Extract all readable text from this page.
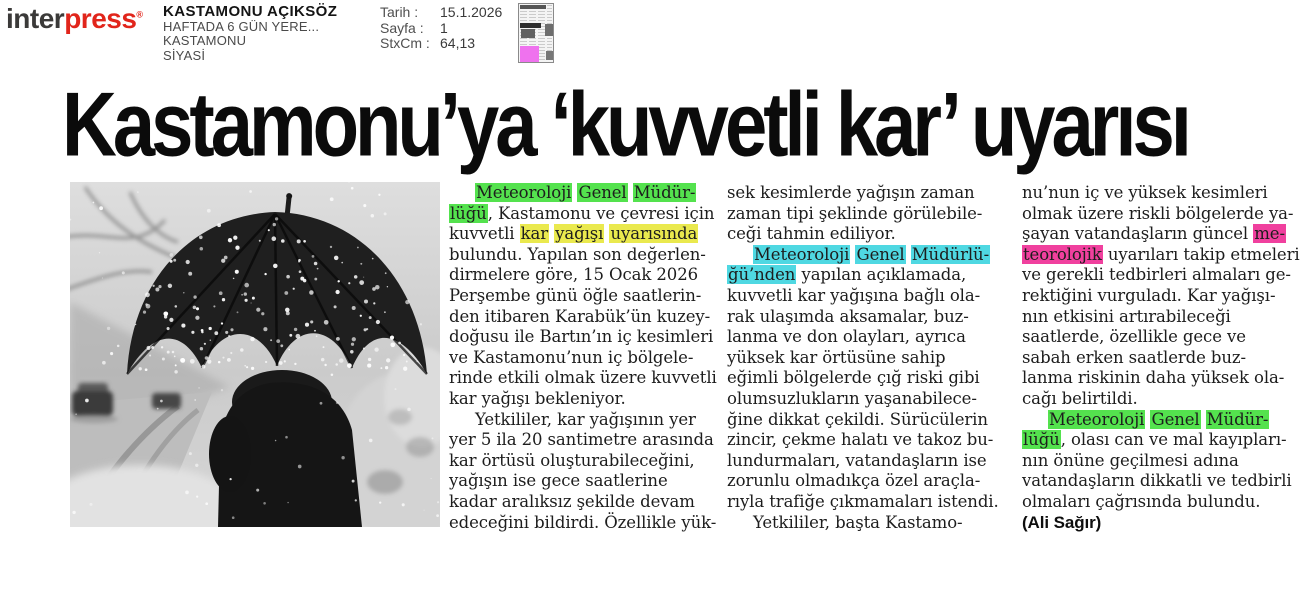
interpress® KASTAMONU AÇIKSÖZ
HAFTADA 6 GÜN YERE...
KASTAMONU
SİYASİ
Tarih :	15.1.2026
Sayfa :	1
StxCm : 64,13
Kastamonu’ya ‘kuvvetli kar’ uyarısı
Meteoroloji Genel Müdür-
lüğü, Kastamonu ve çevresi için
kuvvetli kar yağışı uyarısında
bulundu. Yapılan son değerlen-
dirmelere göre, 15 Ocak 2026
Perşembe günü öğle saatlerin-
den itibaren Karabük’ün kuzey-
doğusu ile Bartın’ın iç kesimleri
ve Kastamonu’nun iç bölgele-
rinde etkili olmak üzere kuvvetli
kar yağışı bekleniyor.
Yetkililer, kar yağışının yer
yer 5 ila 20 santimetre arasında
kar örtüsü oluşturabileceğini,
yağışın ise gece saatlerine
kadar aralıksız şekilde devam
edeceğini bildirdi. Özellikle yük-
sek kesimlerde yağışın zaman
zaman tipi şeklinde görülebile-
ceği tahmin ediliyor.
Meteoroloji Genel Müdürlü-
ğü’nden yapılan açıklamada,
kuvvetli kar yağışına bağlı ola-
rak ulaşımda aksamalar, buz-
lanma ve don olayları, ayrıca
yüksek kar örtüsüne sahip
eğimli bölgelerde çığ riski gibi
olumsuzlukların yaşanabilece-
ğine dikkat çekildi. Sürücülerin
zincir, çekme halatı ve takoz bu-
lundurmaları, vatandaşların ise
zorunlu olmadıkça özel araçla-
rıyla trafiğe çıkmamaları istendi.
Yetkililer, başta Kastamo-
nu’nun iç ve yüksek kesimleri
olmak üzere riskli bölgelerde ya-
şayan vatandaşların güncel me-
teorolojik uyarıları takip etmeleri
ve gerekli tedbirleri almaları ge-
rektiğini vurguladı. Kar yağışı-
nın etkisini artırabileceği
saatlerde, özellikle gece ve
sabah erken saatlerde buz-
lanma riskinin daha yüksek ola-
cağı belirtildi.
Meteoroloji Genel Müdür-
lüğü, olası can ve mal kayıpları-
nın önüne geçilmesi adına
vatandaşların dikkatli ve tedbirli
olmaları çağrısında bulundu.
(Ali Sağır)
